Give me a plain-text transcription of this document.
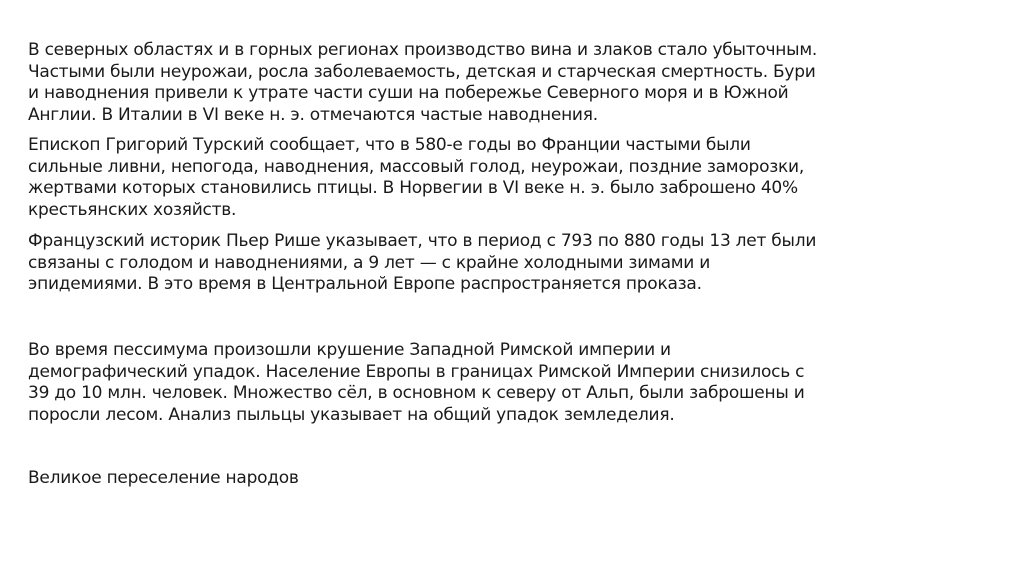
В северных областях и в горных регионах производство вина и злаков стало убыточным.
Частыми были неурожаи, росла заболеваемость, детская и старческая смертность. Бури
и наводнения привели к утрате части суши на побережье Северного моря и в Южной
Англии. В Италии в VI веке н. э. отмечаются частые наводнения.

Епископ Григорий Турский сообщает, что в 580-е годы во Франции частыми были
сильные ливни, непогода, наводнения, массовый голод, неурожаи, поздние заморозки,
жертвами которых становились птицы. В Норвегии в VI веке н. э. было заброшено 40%
крестьянских хозяйств.

Французский историк Пьер Рише указывает, что в период с 793 по 880 годы 13 лет были
связаны с голодом и наводнениями, а 9 лет — с крайне холодными зимами и
эпидемиями. В это время в Центральной Европе распространяется проказа.

Во время пессимума произошли крушение Западной Римской империи и
демографический упадок. Население Европы в границах Римской Империи снизилось с
39 до 10 млн. человек. Множество сёл, в основном к северу от Альп, были заброшены и
поросли лесом. Анализ пыльцы указывает на общий упадок земледелия.

Великое переселение народов
